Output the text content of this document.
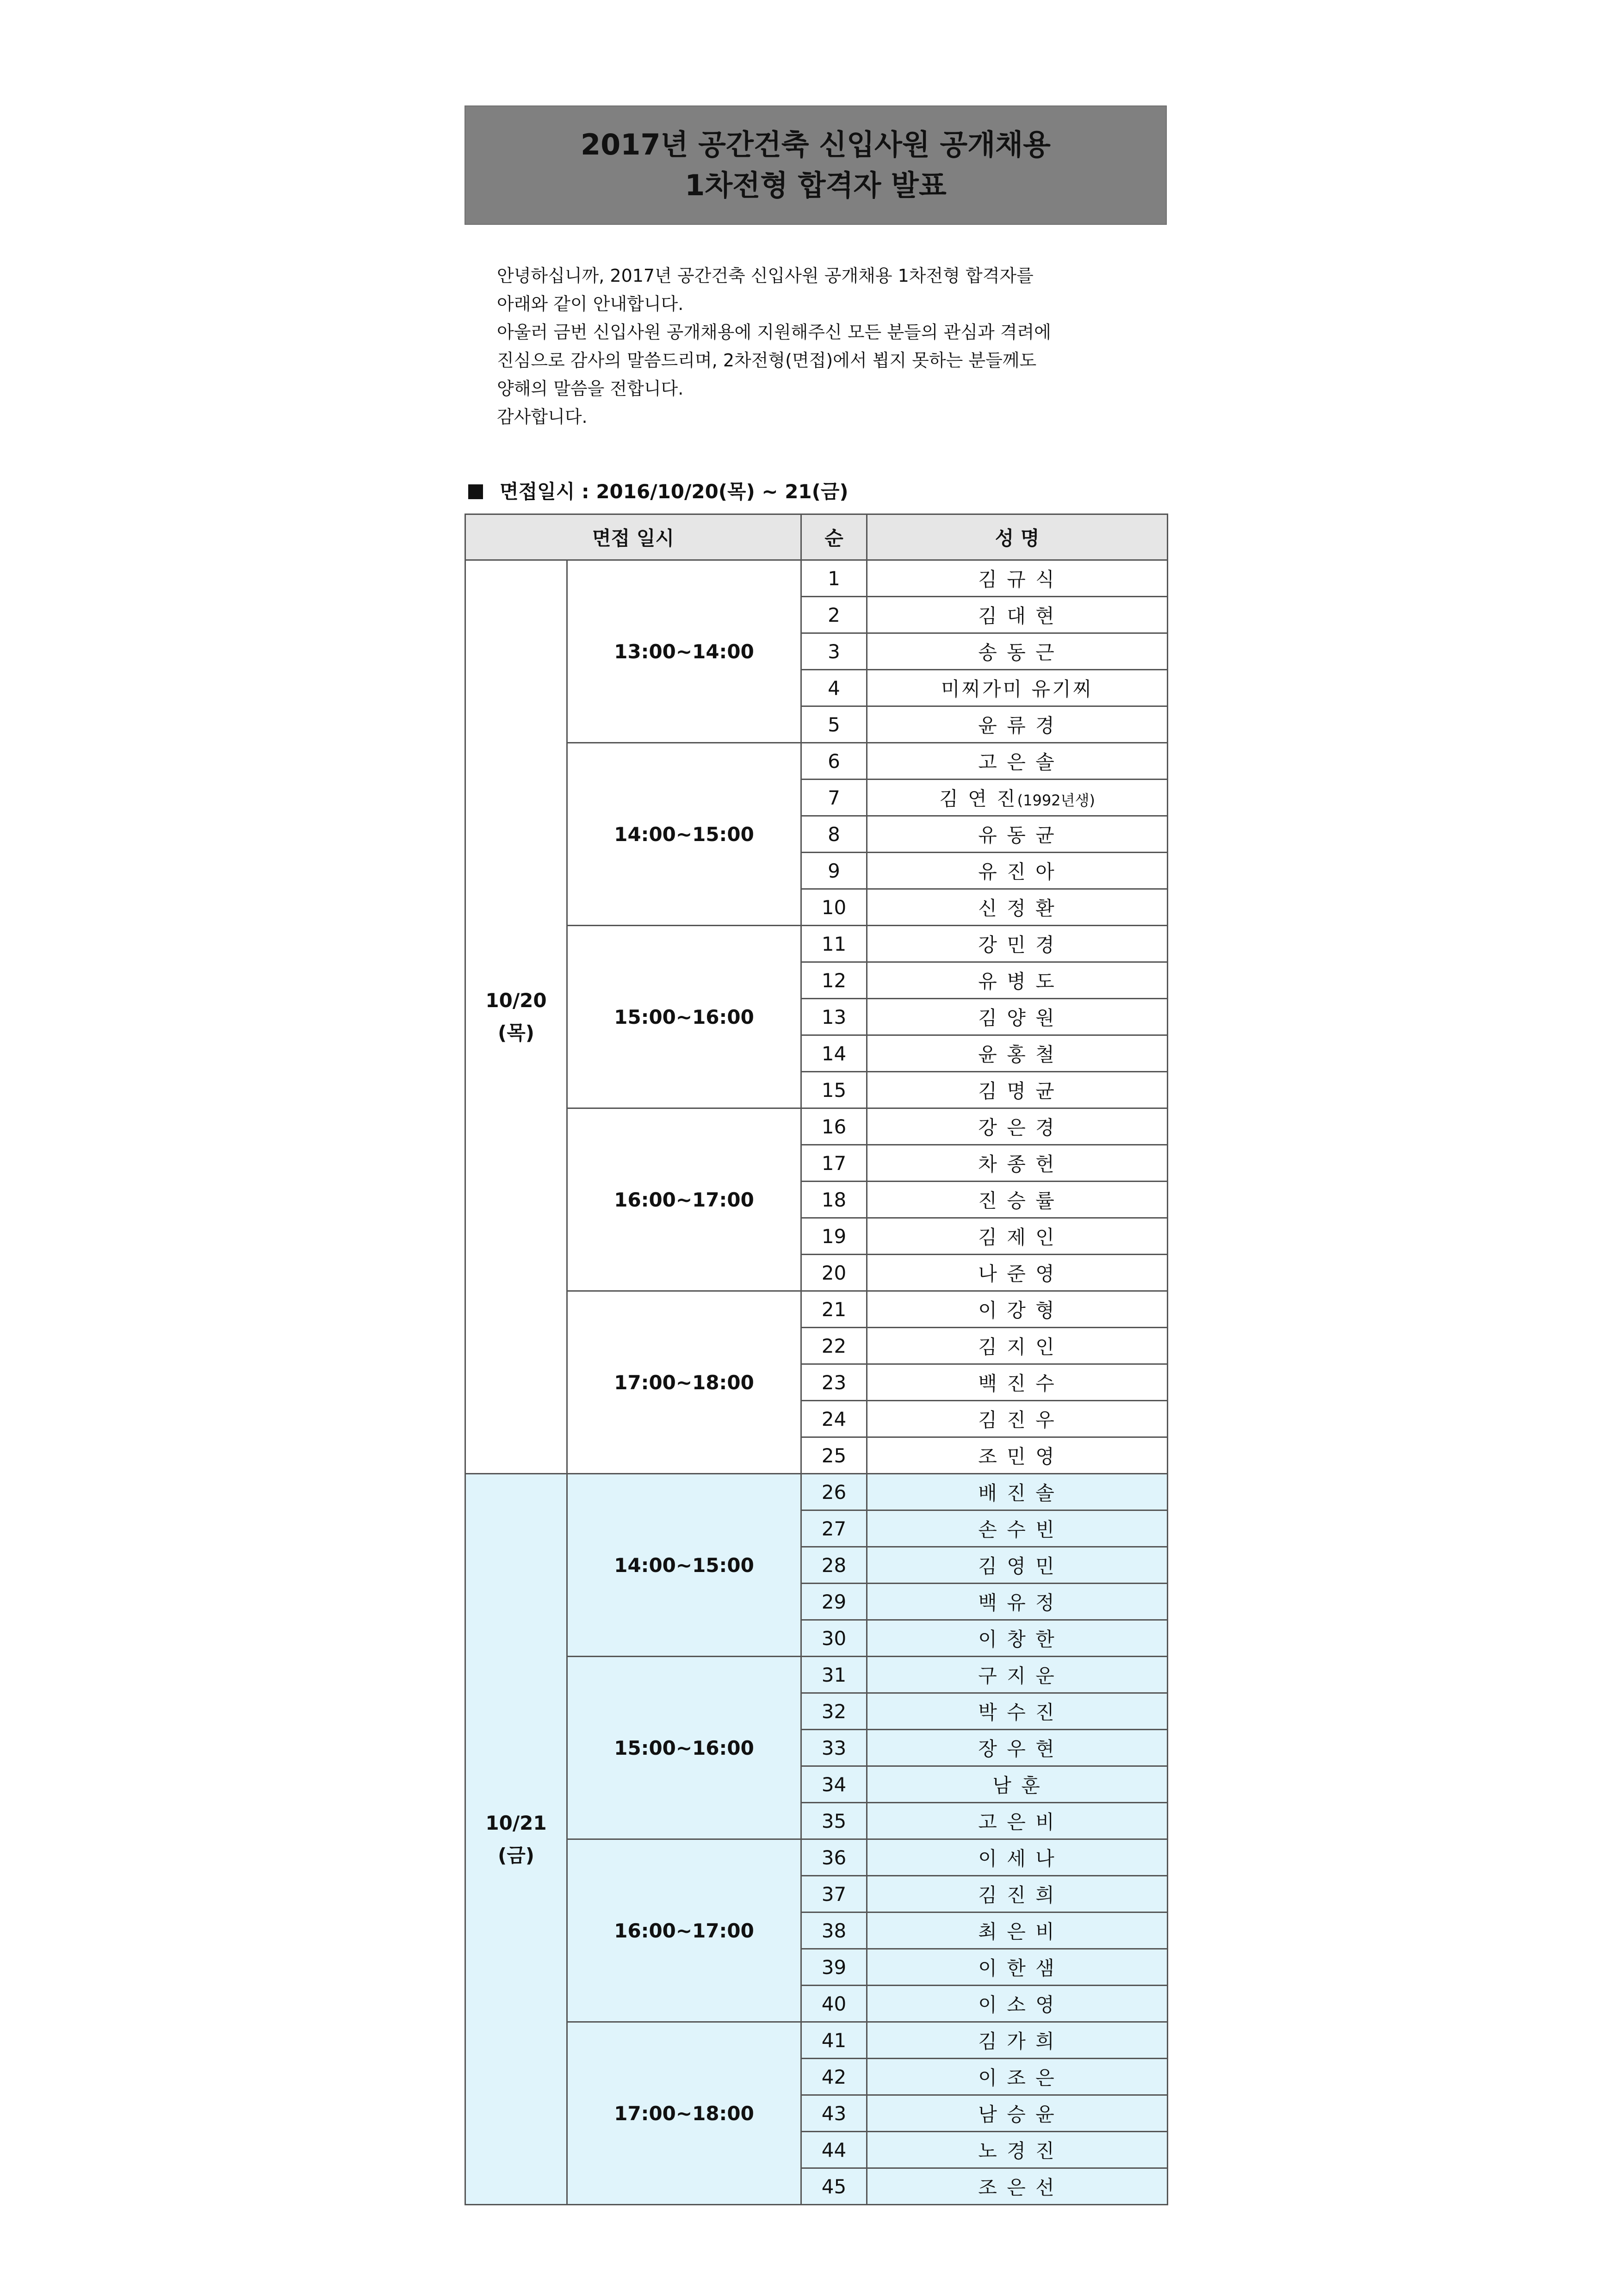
2017년 공간건축 신입사원 공개채용
1차전형 합격자 발표
안녕하십니까, 2017년 공간건축 신입사원 공개채용 1차전형 합격자를
아래와 같이 안내합니다.
아울러 금번 신입사원 공개채용에 지원해주신 모든 분들의 관심과 격려에
진심으로 감사의 말씀드리며, 2차전형(면접)에서 뵙지 못하는 분들께도
양해의 말씀을 전합니다.
감사합니다.
면접일시 : 2016/10/20(목) ~ 21(금)
면접 일시		순	성 명

10/20
(목)	13:00~14:00	1	김 규 식
		2	김 대 현
		3	송 동 근
		4	미찌가미 유기찌
		5	윤 류 경
	14:00~15:00	6	고 은 솔
		7	김 연 진(1992년생)
		8	유 동 균
		9	유 진 아
		10	신 정 환
	15:00~16:00	11	강 민 경
		12	유 병 도
		13	김 양 원
		14	윤 홍 철
		15	김 명 균
	16:00~17:00	16	강 은 경
		17	차 종 헌
		18	진 승 률
		19	김 제 인
		20	나 준 영
	17:00~18:00	21	이 강 형
		22	김 지 인
		23	백 진 수
		24	김 진 우
		25	조 민 영

10/21
(금)	14:00~15:00	26	배 진 솔
		27	손 수 빈
		28	김 영 민
		29	백 유 정
		30	이 창 한
	15:00~16:00	31	구 지 운
		32	박 수 진
		33	장 우 현
		34	남 훈
		35	고 은 비
	16:00~17:00	36	이 세 나
		37	김 진 희
		38	최 은 비
		39	이 한 샘
		40	이 소 영
	17:00~18:00	41	김 가 희
		42	이 조 은
		43	남 승 윤
		44	노 경 진
		45	조 은 선
